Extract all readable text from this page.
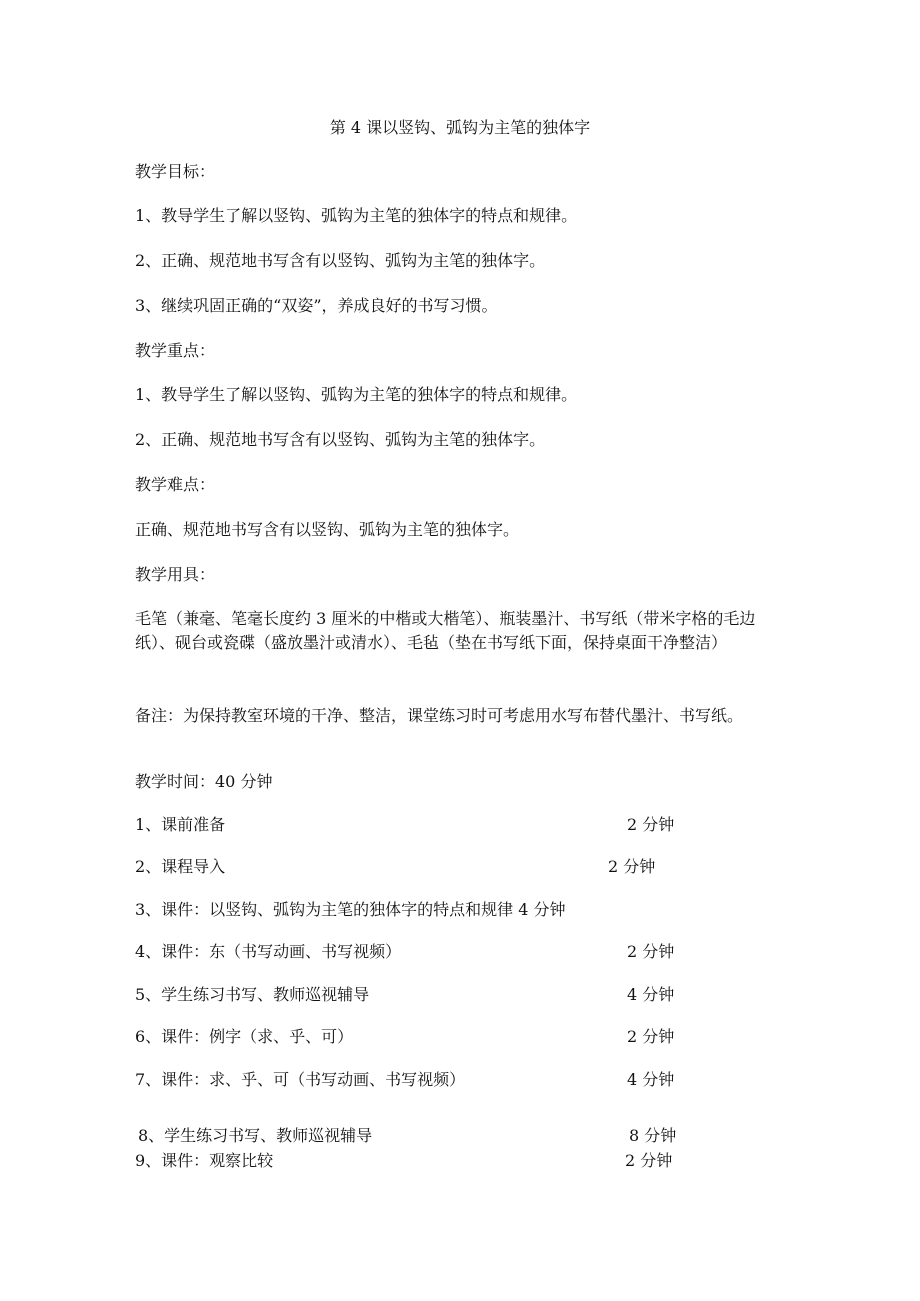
第 4 课以竖钩、弧钩为主笔的独体字

教学目标：

1、教导学生了解以竖钩、弧钩为主笔的独体字的特点和规律。

2、正确、规范地书写含有以竖钩、弧钩为主笔的独体字。

3、继续巩固正确的“双姿”，养成良好的书写习惯。

教学重点：

1、教导学生了解以竖钩、弧钩为主笔的独体字的特点和规律。

2、正确、规范地书写含有以竖钩、弧钩为主笔的独体字。

教学难点：

正确、规范地书写含有以竖钩、弧钩为主笔的独体字。

教学用具：

毛笔（兼毫、笔毫长度约 3 厘米的中楷或大楷笔）、瓶装墨汁、书写纸（带米字格的毛边纸）、砚台或瓷碟（盛放墨汁或清水）、毛毡（垫在书写纸下面，保持桌面干净整洁）

备注：为保持教室环境的干净、整洁，课堂练习时可考虑用水写布替代墨汁、书写纸。

教学时间：40 分钟

1、课前准备	2 分钟
2、课程导入	2 分钟
3、课件：以竖钩、弧钩为主笔的独体字的特点和规律 4 分钟
4、课件：东（书写动画、书写视频）	2 分钟
5、学生练习书写、教师巡视辅导	4 分钟
6、课件：例字（求、乎、可）	2 分钟
7、课件：求、乎、可（书写动画、书写视频）	4 分钟
8、学生练习书写、教师巡视辅导	8 分钟
9、课件：观察比较	2 分钟
